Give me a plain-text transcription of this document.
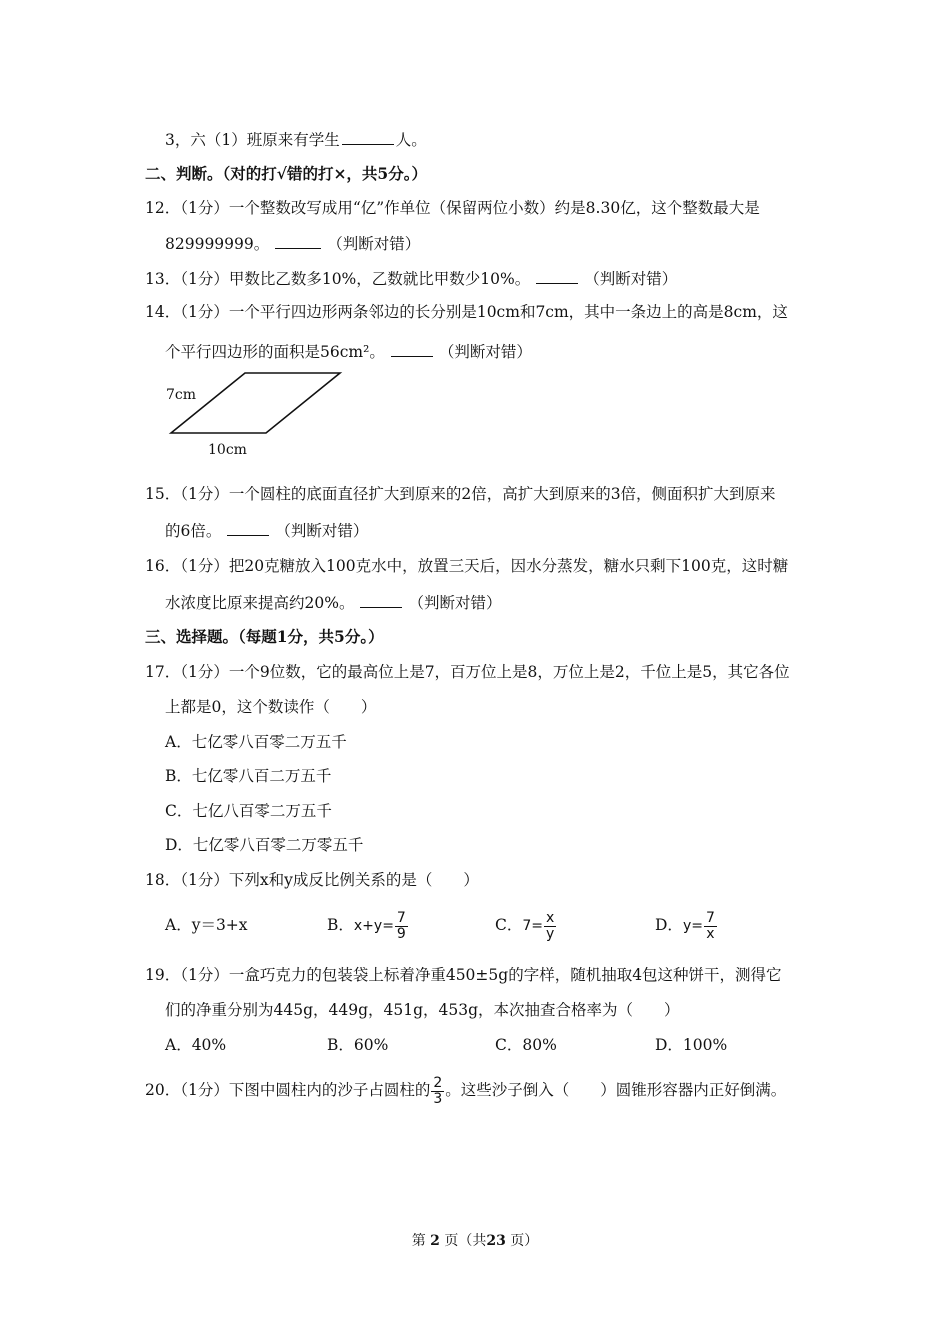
3，六（1）班原来有学生	人。
二、判断。（对的打√错的打×，共5分。）
12．（1分）一个整数改写成用“亿”作单位（保留两位小数）约是8.30亿，这个整数最大是
829999999。	（判断对错）
13．（1分）甲数比乙数多10%，乙数就比甲数少10%。	（判断对错）
14．（1分）一个平行四边形两条邻边的长分别是10cm和7cm，其中一条边上的高是8cm，这
个平行四边形的面积是56cm²。	（判断对错）
7cm
10cm
15．（1分）一个圆柱的底面直径扩大到原来的2倍，高扩大到原来的3倍，侧面积扩大到原来
的6倍。	（判断对错）
16．（1分）把20克糖放入100克水中，放置三天后，因水分蒸发，糖水只剩下100克，这时糖
水浓度比原来提高约20%。	（判断对错）
三、选择题。（每题1分，共5分。）
17．（1分）一个9位数，它的最高位上是7，百万位上是8，万位上是2，千位上是5，其它各位
上都是0，这个数读作（　　）
A．七亿零八百零二万五千
B．七亿零八百二万五千
C．七亿八百零二万五千
D．七亿零八百零二万零五千
18．（1分）下列x和y成反比例关系的是（　　）
A．y＝3+x	B．$x+y= \frac{7}{9}$	C．$7= \frac{x}{y}$	D．$y= \frac{7}{x}$
19．（1分）一盒巧克力的包装袋上标着净重450±5g的字样，随机抽取4包这种饼干，测得它
们的净重分别为445g，449g，451g，453g，本次抽查合格率为（　　）
A．40%	B．60%	C．80%	D．100%
20．（1分）下图中圆柱内的沙子占圆柱的 $\frac{2}{3}$ 。这些沙子倒入（　　）圆锥形容器内正好倒满。
第 2 页（共23 页）
